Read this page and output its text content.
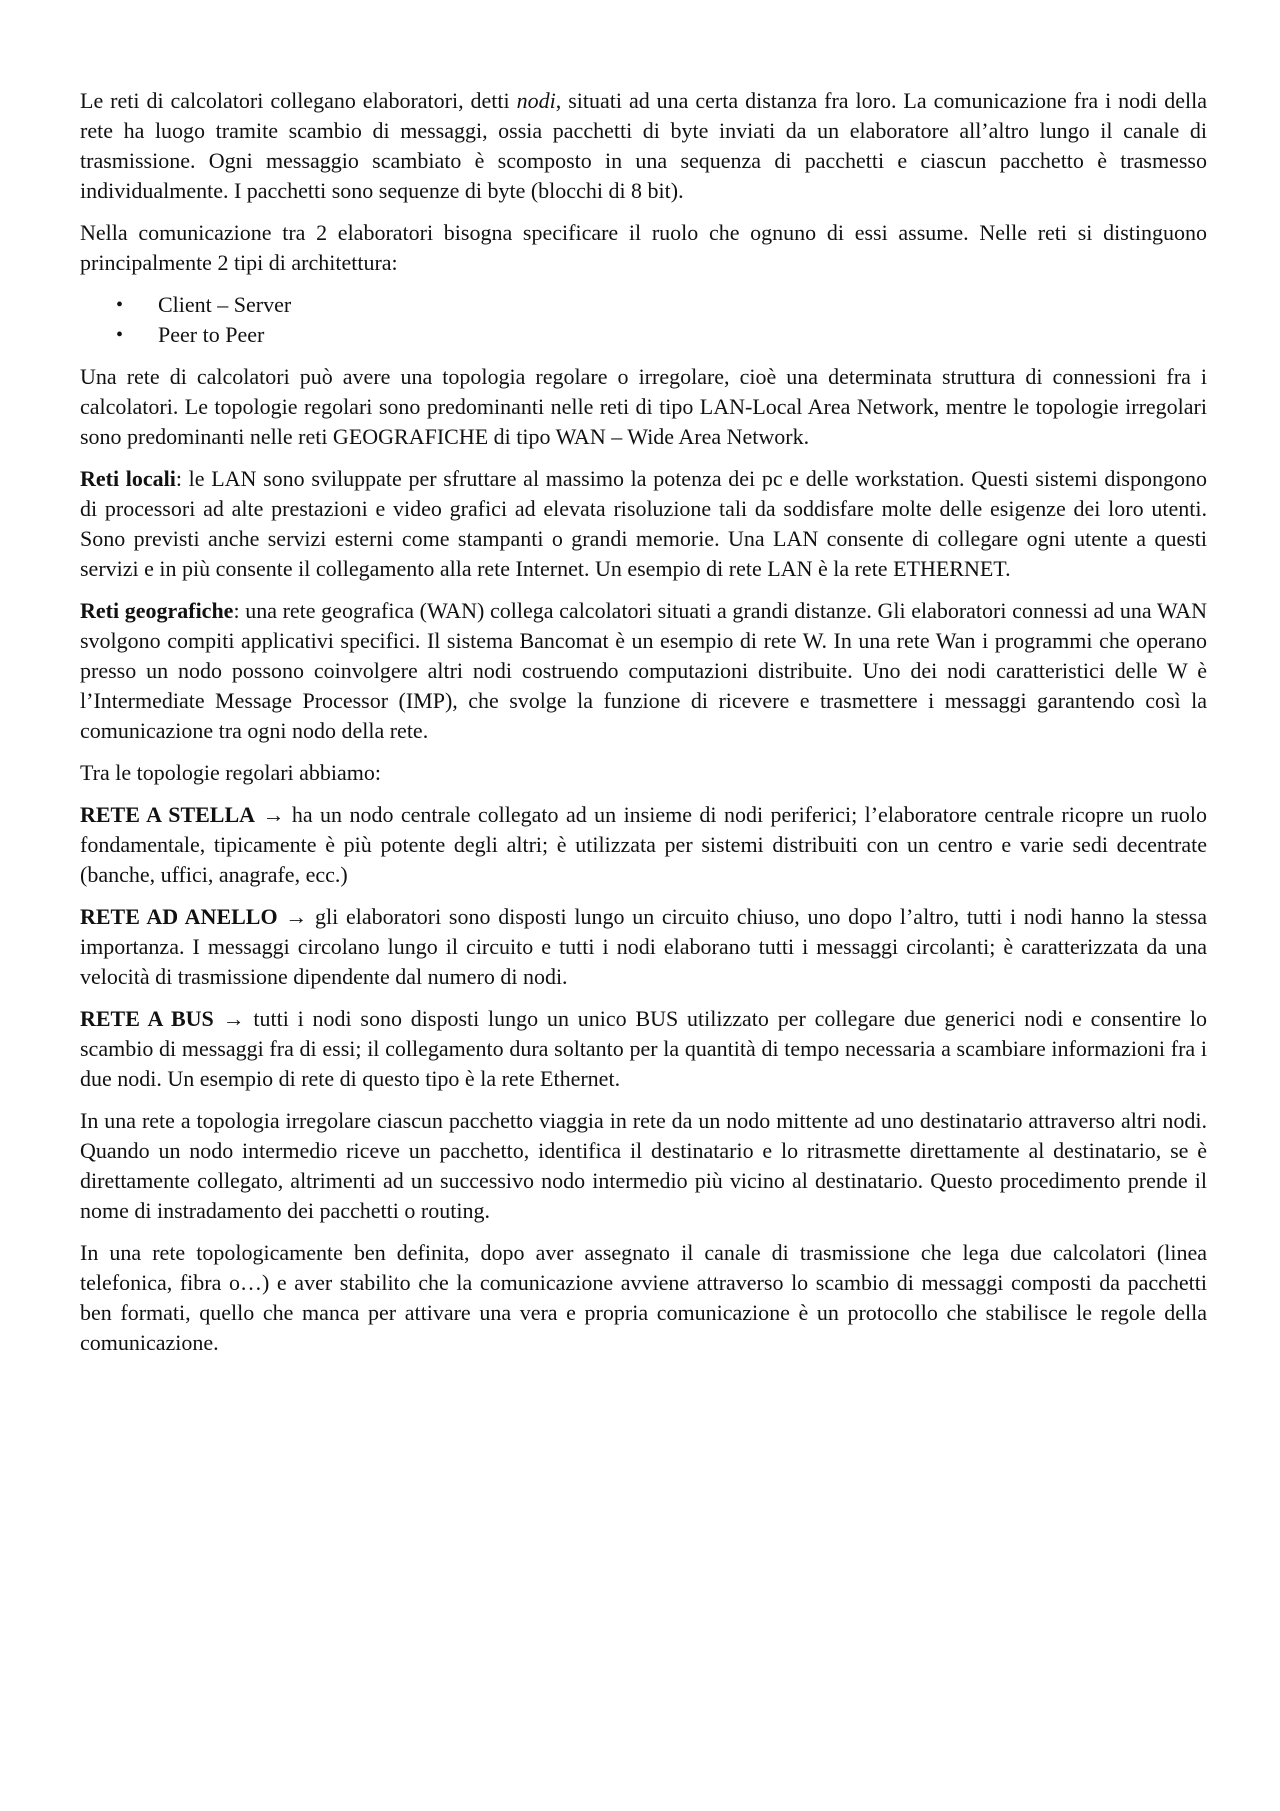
Le reti di calcolatori collegano elaboratori, detti nodi, situati ad una certa distanza fra loro. La comunicazione fra i nodi della rete ha luogo tramite scambio di messaggi, ossia pacchetti di byte inviati da un elaboratore all’altro lungo il canale di trasmissione. Ogni messaggio scambiato è scomposto in una sequenza di pacchetti e ciascun pacchetto è trasmesso individualmente. I pacchetti sono sequenze di byte (blocchi di 8 bit).

Nella comunicazione tra 2 elaboratori bisogna specificare il ruolo che ognuno di essi assume. Nelle reti si distinguono principalmente 2 tipi di architettura:

• Client – Server
• Peer to Peer

Una rete di calcolatori può avere una topologia regolare o irregolare, cioè una determinata struttura di connessioni fra i calcolatori. Le topologie regolari sono predominanti nelle reti di tipo LAN-Local Area Network, mentre le topologie irregolari sono predominanti nelle reti GEOGRAFICHE di tipo WAN – Wide Area Network.

Reti locali: le LAN sono sviluppate per sfruttare al massimo la potenza dei pc e delle workstation. Questi sistemi dispongono di processori ad alte prestazioni e video grafici ad elevata risoluzione tali da soddisfare molte delle esigenze dei loro utenti. Sono previsti anche servizi esterni come stampanti o grandi memorie. Una LAN consente di collegare ogni utente a questi servizi e in più consente il collegamento alla rete Internet. Un esempio di rete LAN è la rete ETHERNET.

Reti geografiche: una rete geografica (WAN) collega calcolatori situati a grandi distanze. Gli elaboratori connessi ad una WAN svolgono compiti applicativi specifici. Il sistema Bancomat è un esempio di rete W. In una rete Wan i programmi che operano presso un nodo possono coinvolgere altri nodi costruendo computazioni distribuite. Uno dei nodi caratteristici delle W è l’Intermediate Message Processor (IMP), che svolge la funzione di ricevere e trasmettere i messaggi garantendo così la comunicazione tra ogni nodo della rete.

Tra le topologie regolari abbiamo:

RETE A STELLA → ha un nodo centrale collegato ad un insieme di nodi periferici; l’elaboratore centrale ricopre un ruolo fondamentale, tipicamente è più potente degli altri; è utilizzata per sistemi distribuiti con un centro e varie sedi decentrate (banche, uffici, anagrafe, ecc.)

RETE AD ANELLO → gli elaboratori sono disposti lungo un circuito chiuso, uno dopo l’altro, tutti i nodi hanno la stessa importanza. I messaggi circolano lungo il circuito e tutti i nodi elaborano tutti i messaggi circolanti; è caratterizzata da una velocità di trasmissione dipendente dal numero di nodi.

RETE A BUS → tutti i nodi sono disposti lungo un unico BUS utilizzato per collegare due generici nodi e consentire lo scambio di messaggi fra di essi; il collegamento dura soltanto per la quantità di tempo necessaria a scambiare informazioni fra i due nodi. Un esempio di rete di questo tipo è la rete Ethernet.

In una rete a topologia irregolare ciascun pacchetto viaggia in rete da un nodo mittente ad uno destinatario attraverso altri nodi. Quando un nodo intermedio riceve un pacchetto, identifica il destinatario e lo ritrasmette direttamente al destinatario, se è direttamente collegato, altrimenti ad un successivo nodo intermedio più vicino al destinatario. Questo procedimento prende il nome di instradamento dei pacchetti o routing.

In una rete topologicamente ben definita, dopo aver assegnato il canale di trasmissione che lega due calcolatori (linea telefonica, fibra o…) e aver stabilito che la comunicazione avviene attraverso lo scambio di messaggi composti da pacchetti ben formati, quello che manca per attivare una vera e propria comunicazione è un protocollo che stabilisce le regole della comunicazione.
